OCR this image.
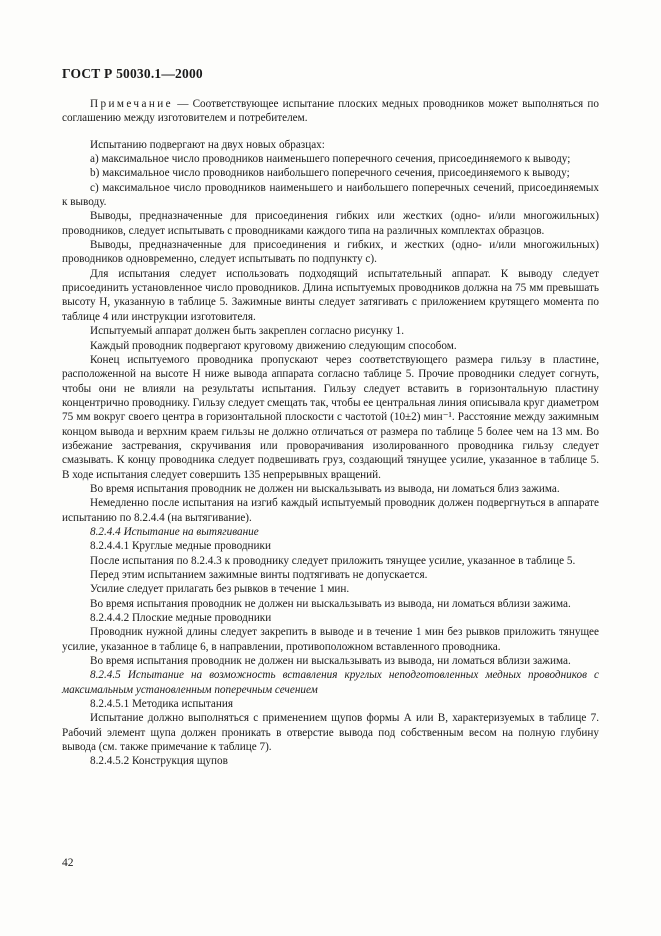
ГОСТ Р 50030.1—2000

Примечание — Соответствующее испытание плоских медных проводников может выполняться по соглашению между изготовителем и потребителем.

Испытанию подвергают на двух новых образцах:

а) максимальное число проводников наименьшего поперечного сечения, присоединяемого к выводу;

b) максимальное число проводников наибольшего поперечного сечения, присоединяемого к выводу;

с) максимальное число проводников наименьшего и наибольшего поперечных сечений, присоединяемых к выводу.

Выводы, предназначенные для присоединения гибких или жестких (одно- и/или многожильных) проводников, следует испытывать с проводниками каждого типа на различных комплектах образцов.

Выводы, предназначенные для присоединения и гибких, и жестких (одно- и/или многожильных) проводников одновременно, следует испытывать по подпункту с).

Для испытания следует использовать подходящий испытательный аппарат. К выводу следует присоединить установленное число проводников. Длина испытуемых проводников должна на 75 мм превышать высоту H, указанную в таблице 5. Зажимные винты следует затягивать с приложением крутящего момента по таблице 4 или инструкции изготовителя.

Испытуемый аппарат должен быть закреплен согласно рисунку 1.

Каждый проводник подвергают круговому движению следующим способом.

Конец испытуемого проводника пропускают через соответствующего размера гильзу в пластине, расположенной на высоте H ниже вывода аппарата согласно таблице 5. Прочие проводники следует согнуть, чтобы они не влияли на результаты испытания. Гильзу следует вставить в горизонтальную пластину концентрично проводнику. Гильзу следует смещать так, чтобы ее центральная линия описывала круг диаметром 75 мм вокруг своего центра в горизонтальной плоскости с частотой (10±2) мин⁻¹. Расстояние между зажимным концом вывода и верхним краем гильзы не должно отличаться от размера по таблице 5 более чем на 13 мм. Во избежание застревания, скручивания или проворачивания изолированного проводника гильзу следует смазывать. К концу проводника следует подвешивать груз, создающий тянущее усилие, указанное в таблице 5. В ходе испытания следует совершить 135 непрерывных вращений.

Во время испытания проводник не должен ни выскальзывать из вывода, ни ломаться близ зажима.

Немедленно после испытания на изгиб каждый испытуемый проводник должен подвергнуться в аппарате испытанию по 8.2.4.4 (на вытягивание).

8.2.4.4 Испытание на вытягивание

8.2.4.4.1 Круглые медные проводники

После испытания по 8.2.4.3 к проводнику следует приложить тянущее усилие, указанное в таблице 5.

Перед этим испытанием зажимные винты подтягивать не допускается.

Усилие следует прилагать без рывков в течение 1 мин.

Во время испытания проводник не должен ни выскальзывать из вывода, ни ломаться вблизи зажима.

8.2.4.4.2 Плоские медные проводники

Проводник нужной длины следует закрепить в выводе и в течение 1 мин без рывков приложить тянущее усилие, указанное в таблице 6, в направлении, противоположном вставленного проводника.

Во время испытания проводник не должен ни выскальзывать из вывода, ни ломаться вблизи зажима.

8.2.4.5 Испытание на возможность вставления круглых неподготовленных медных проводников с максимальным установленным поперечным сечением

8.2.4.5.1 Методика испытания

Испытание должно выполняться с применением щупов формы А или В, характеризуемых в таблице 7. Рабочий элемент щупа должен проникать в отверстие вывода под собственным весом на полную глубину вывода (см. также примечание к таблице 7).

8.2.4.5.2 Конструкция щупов

42
